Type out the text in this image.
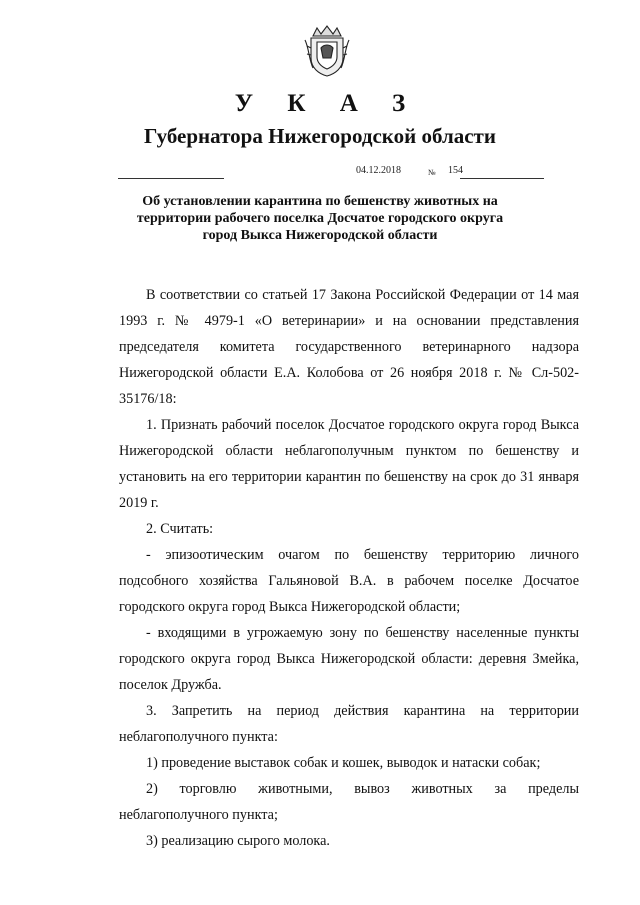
У К А З
Губернатора Нижегородской области
04.12.2018	№ 154
Об установлении карантина по бешенству животных на
территории рабочего поселка Досчатое городского округа
город Выкса Нижегородской области

В соответствии со статьей 17 Закона Российской Федерации от 14 мая 1993 г. № 4979-1 «О ветеринарии» и на основании представления председателя комитета государственного ветеринарного надзора Нижегородской области Е.А. Колобова от 26 ноября 2018 г. № Сл-502-35176/18:

1. Признать рабочий поселок Досчатое городского округа город Выкса Нижегородской области неблагополучным пунктом по бешенству и установить на его территории карантин по бешенству на срок до 31 января 2019 г.

2. Считать:

- эпизоотическим очагом по бешенству территорию личного подсобного хозяйства Гальяновой В.А. в рабочем поселке Досчатое городского округа город Выкса Нижегородской области;

- входящими в угрожаемую зону по бешенству населенные пункты городского округа город Выкса Нижегородской области: деревня Змейка, поселок Дружба.

3. Запретить на период действия карантина на территории неблагополучного пункта:

1) проведение выставок собак и кошек, выводок и натаски собак;

2) торговлю животными, вывоз животных за пределы неблагополучного пункта;

3) реализацию сырого молока.
